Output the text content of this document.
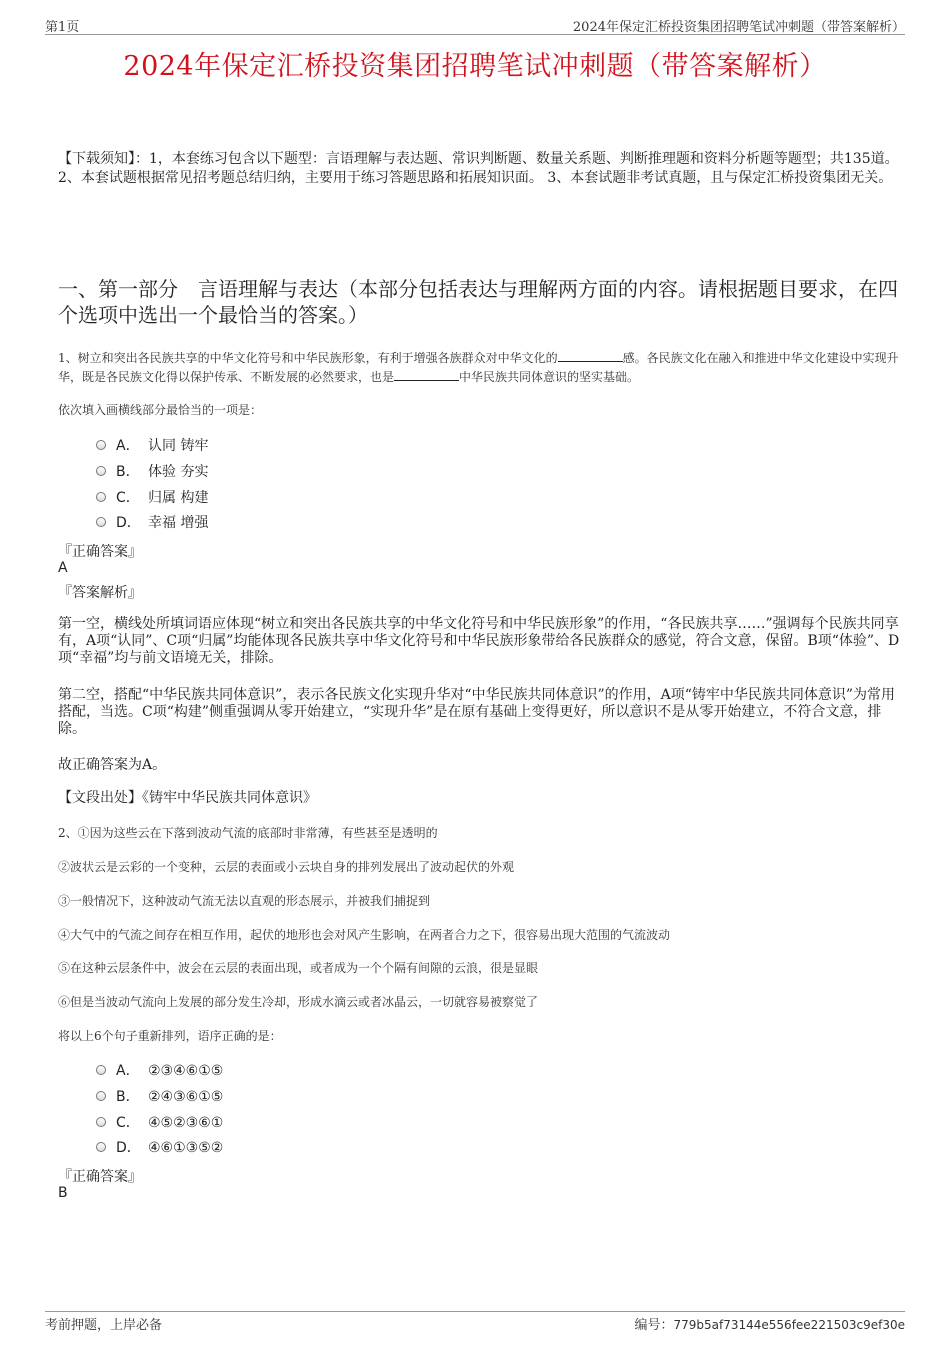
第1页	2024年保定汇桥投资集团招聘笔试冲刺题（带答案解析）
2024年保定汇桥投资集团招聘笔试冲刺题（带答案解析）
【下载须知】：1，本套练习包含以下题型：言语理解与表达题、常识判断题、数量关系题、判断推理题和资料分析题等题型；共135道。 2、本套试题根据常见招考题总结归纳，主要用于练习答题思路和拓展知识面。 3、本套试题非考试真题，且与保定汇桥投资集团无关。
一、第一部分　言语理解与表达（本部分包括表达与理解两方面的内容。请根据题目要求，在四个选项中选出一个最恰当的答案。）
1、树立和突出各民族共享的中华文化符号和中华民族形象，有利于增强各族群众对中华文化的	感。各民族文化在融入和推进中华文化建设中实现升华，既是各民族文化得以保护传承、不断发展的必然要求，也是	中华民族共同体意识的坚实基础。
依次填入画横线部分最恰当的一项是：
A． 认同 铸牢
B． 体验 夯实
C． 归属 构建
D． 幸福 增强
『正确答案』
A
『答案解析』
第一空，横线处所填词语应体现“树立和突出各民族共享的中华文化符号和中华民族形象”的作用，“各民族共享……”强调每个民族共同享有，A项“认同”、C项“归属”均能体现各民族共享中华文化符号和中华民族形象带给各民族群众的感觉，符合文意，保留。B项“体验”、D项“幸福”均与前文语境无关，排除。
第二空，搭配“中华民族共同体意识”，表示各民族文化实现升华对“中华民族共同体意识”的作用，A项“铸牢中华民族共同体意识”为常用搭配，当选。C项“构建”侧重强调从零开始建立，“实现升华”是在原有基础上变得更好，所以意识不是从零开始建立，不符合文意，排除。
故正确答案为A。
【文段出处】《铸牢中华民族共同体意识》
2、①因为这些云在下落到波动气流的底部时非常薄，有些甚至是透明的
②波状云是云彩的一个变种，云层的表面或小云块自身的排列发展出了波动起伏的外观
③一般情况下，这种波动气流无法以直观的形态展示，并被我们捕捉到
④大气中的气流之间存在相互作用，起伏的地形也会对风产生影响，在两者合力之下，很容易出现大范围的气流波动
⑤在这种云层条件中，波会在云层的表面出现，或者成为一个个隔有间隙的云浪，很是显眼
⑥但是当波动气流向上发展的部分发生冷却，形成水滴云或者冰晶云，一切就容易被察觉了
将以上6个句子重新排列，语序正确的是：
A． ②③④⑥①⑤
B． ②④③⑥①⑤
C． ④⑤②③⑥①
D． ④⑥①③⑤②
『正确答案』
B
考前押题，上岸必备	编号：779b5af73144e556fee221503c9ef30e
